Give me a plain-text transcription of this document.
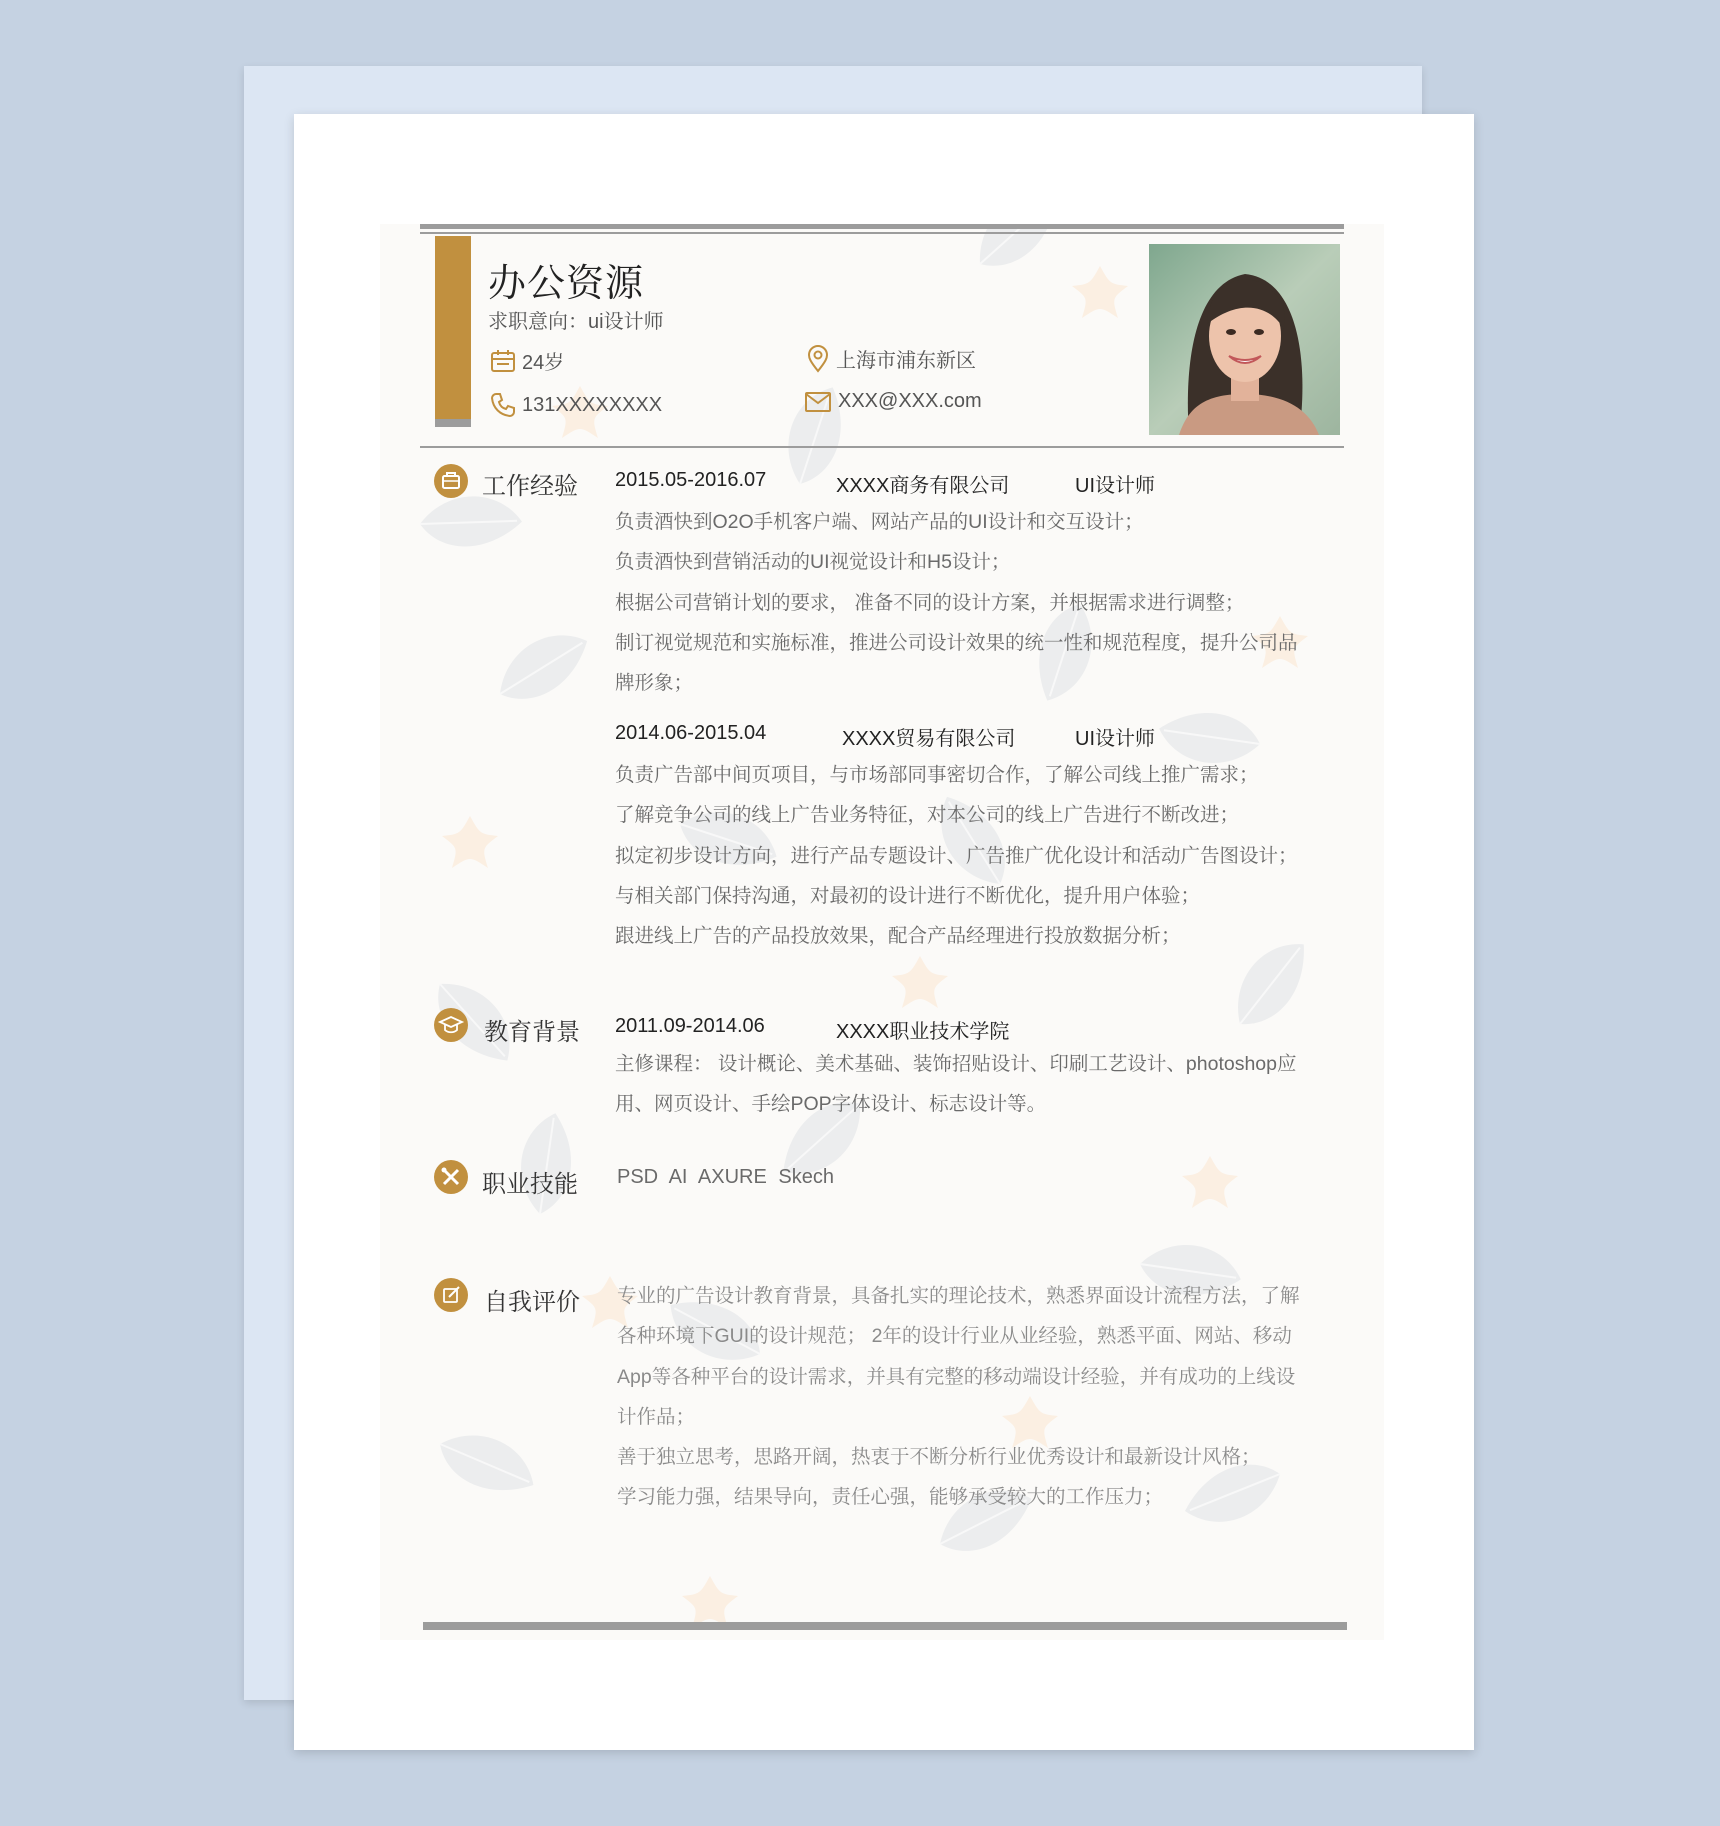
办公资源
求职意向：ui设计师
24岁	上海市浦东新区
131XXXXXXXX	XXX@XXX.com
工作经验 2015.05-2016.07	XXXX商务有限公司	UI设计师
负责酒快到O2O手机客户端、网站产品的UI设计和交互设计；
负责酒快到营销活动的UI视觉设计和H5设计；
根据公司营销计划的要求， 准备不同的设计方案，并根据需求进行调整；
制订视觉规范和实施标准，推进公司设计效果的统一性和规范程度，提升公司品
牌形象；
2014.06-2015.04	XXXX贸易有限公司	UI设计师
负责广告部中间页项目，与市场部同事密切合作，了解公司线上推广需求；
了解竞争公司的线上广告业务特征，对本公司的线上广告进行不断改进；
拟定初步设计方向，进行产品专题设计、广告推广优化设计和活动广告图设计；
与相关部门保持沟通，对最初的设计进行不断优化，提升用户体验；
跟进线上广告的产品投放效果，配合产品经理进行投放数据分析；
教育背景 2011.09-2014.06	XXXX职业技术学院
主修课程： 设计概论、美术基础、装饰招贴设计、印刷工艺设计、photoshop应
用、网页设计、手绘POP字体设计、标志设计等。
职业技能 PSD AI AXURE Skech
自我评价 专业的广告设计教育背景，具备扎实的理论技术，熟悉界面设计流程方法，了解
各种环境下GUI的设计规范； 2年的设计行业从业经验，熟悉平面、网站、移动
App等各种平台的设计需求，并具有完整的移动端设计经验，并有成功的上线设
计作品；
善于独立思考，思路开阔，热衷于不断分析行业优秀设计和最新设计风格；
学习能力强，结果导向，责任心强，能够承受较大的工作压力；
